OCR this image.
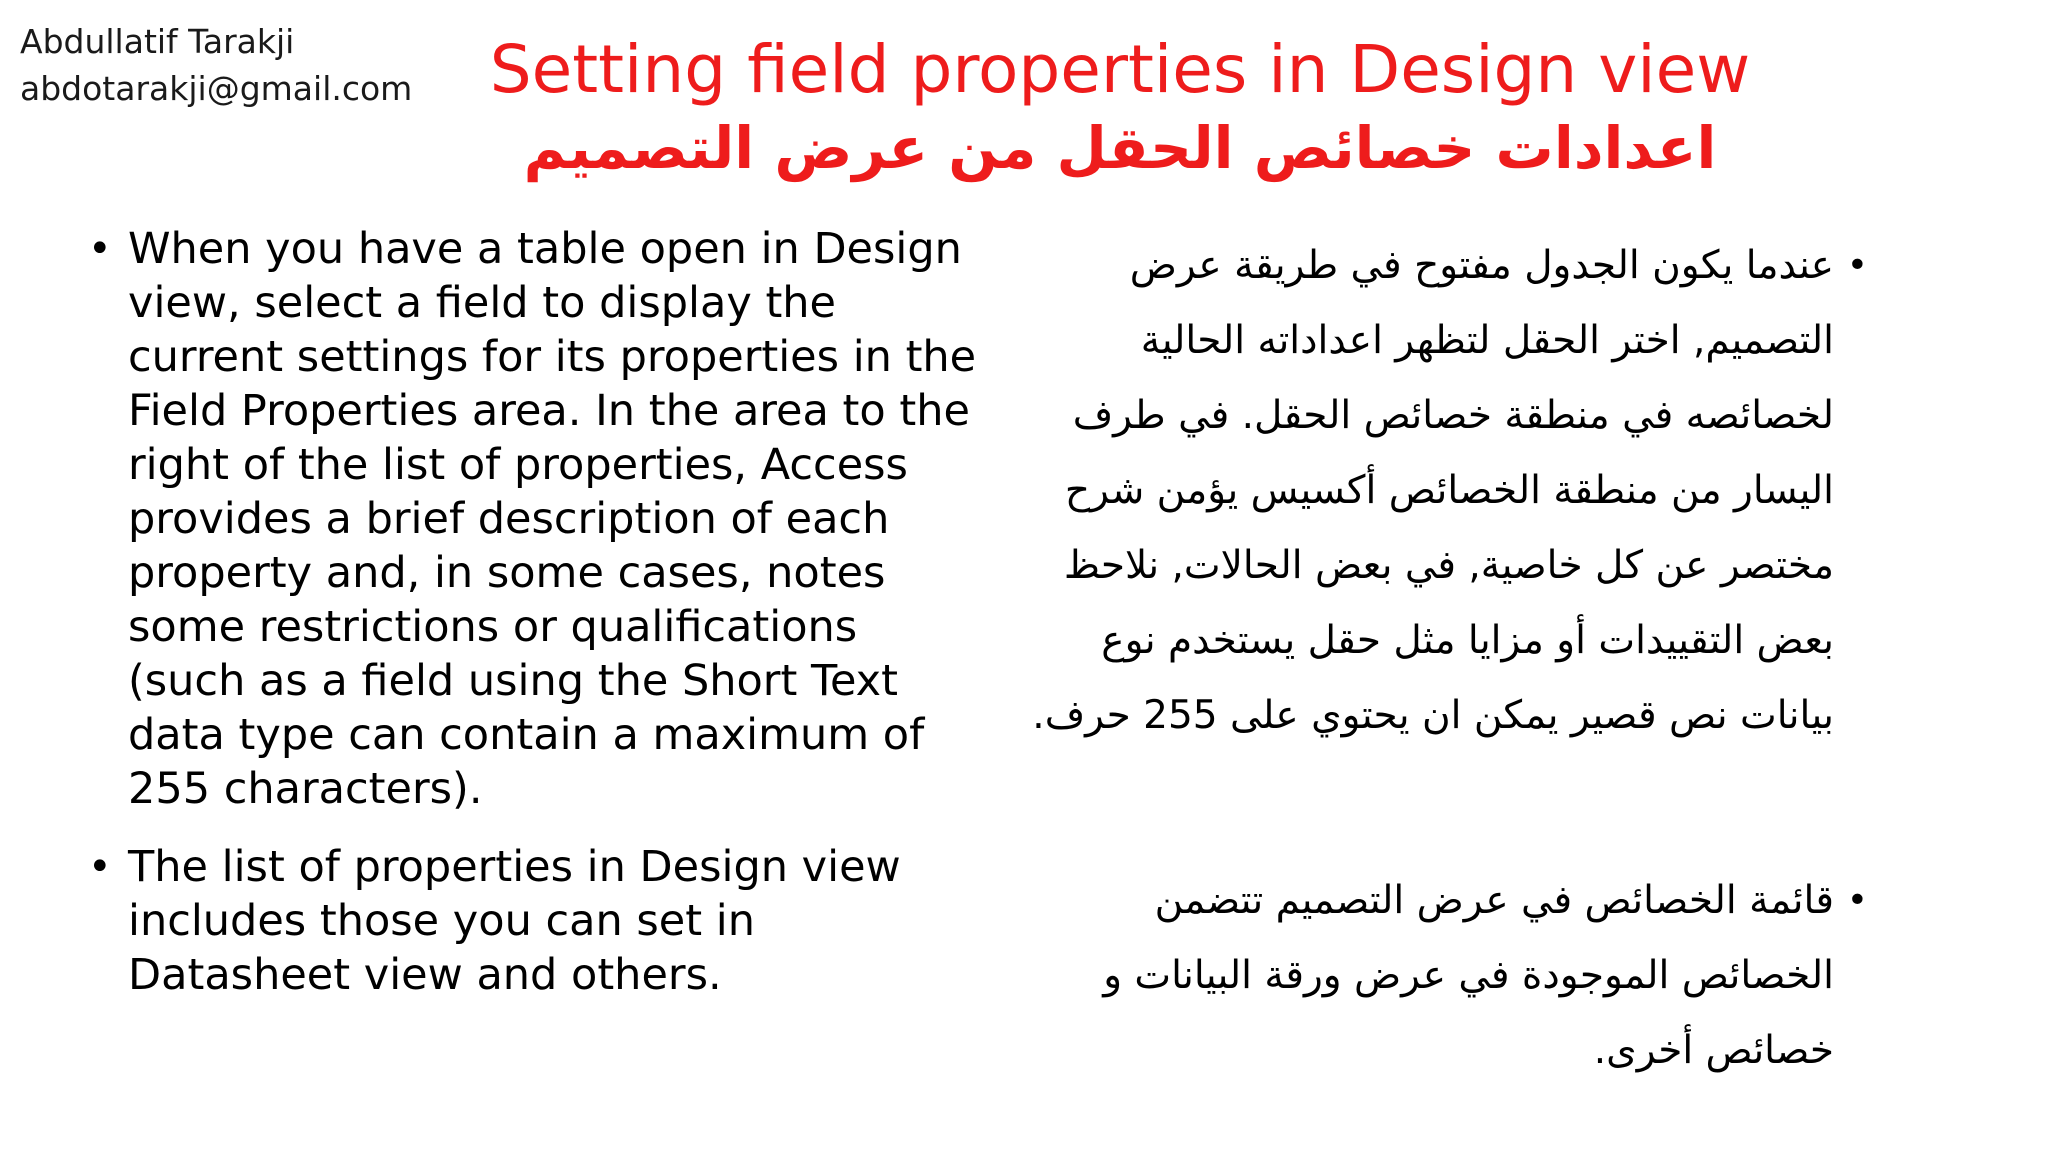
Abdullatif Tarakji
abdotarakji@gmail.com	Setting field properties in Design view
اعدادات خصائص الحقل من عرض التصميم
• When you have a table open in Design view, select a field to display the current settings for its properties in the Field Properties area. In the area to the right of the list of properties, Access provides a brief description of each property and, in some cases, notes some restrictions or qualifications (such as a field using the Short Text data type can contain a maximum of 255 characters).
• The list of properties in Design view includes those you can set in Datasheet view and others.
•
عندما يكون الجدول مفتوح في طريقة عرض التصميم, اختر الحقل لتظهر اعداداته الحالية لخصائصه في منطقة خصائص الحقل. في طرف اليسار من منطقة الخصائص أكسيس يؤمن شرح مختصر عن كل خاصية, في بعض الحالات, نلاحظ بعض التقييدات أو مزايا مثل حقل يستخدم نوع بيانات نص قصير يمكن ان يحتوي على 255 حرف.
•
قائمة الخصائص في عرض التصميم تتضمن الخصائص الموجودة في عرض ورقة البيانات و خصائص أخرى.
